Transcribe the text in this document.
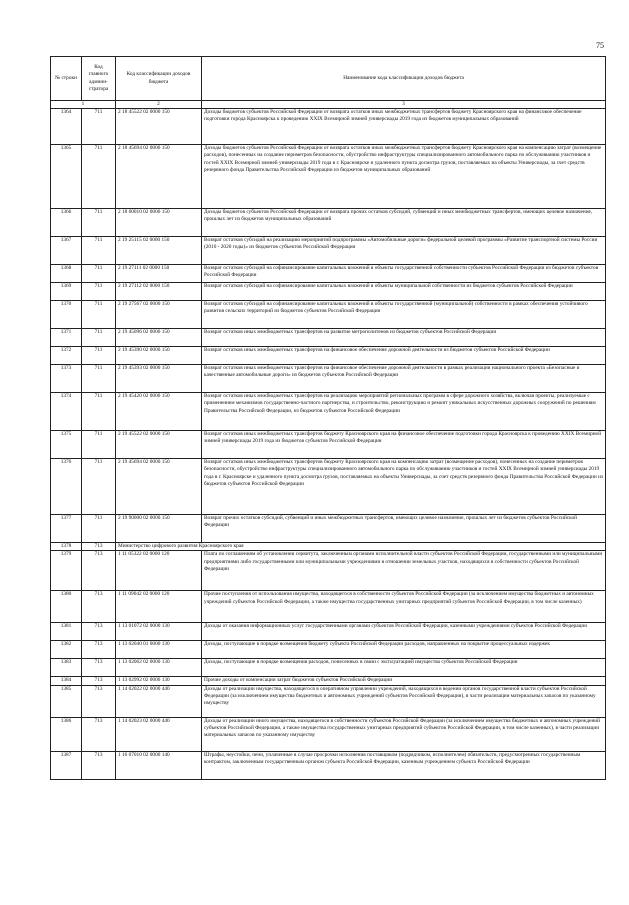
75
№ строки	Код главного админи-стратора	Код классификации доходов бюджета	Наименование кода классификации доходов бюджета
1		2	3
1364	711	2 18 45522 02 0000 150	Доходы бюджетов субъектов Российской Федерации от возврата остатков иных межбюджетных трансфертов бюджету Красноярского края на финансовое обеспечение подготовки города Красноярска к проведению XXIX Всемирной зимней универсиады 2019 года из бюджетов муниципальных образований
1365	711	2 18 45694 02 0000 150	Доходы бюджетов субъектов Российской Федерации от возврата остатков иных межбюджетных трансфертов бюджету Красноярского края на компенсацию затрат (возмещение расходов), понесенных на создание периметров безопасности, обустройство инфраструктуры специализированного автомобильного парка по обслуживанию участников и гостей XXIX Всемирной зимней универсиады 2019 года в г. Красноярске и удаленного пункта досмотра грузов, поставляемых на объекты Универсиады, за счет средств резервного фонда Правительства Российской Федерации из бюджетов муниципальных образований
1366	711	2 18 60010 02 0000 150	Доходы бюджетов субъектов Российской Федерации от возврата прочих остатков субсидий, субвенций и иных межбюджетных трансфертов, имеющих целевое назначение, прошлых лет из бюджетов муниципальных образований
1367	711	2 19 25115 02 0000 150	Возврат остатков субсидий на реализацию мероприятий подпрограммы «Автомобильные дороги» федеральной целевой программы «Развитие транспортной системы России (2010 - 2020 годы)» из бюджетов субъектов Российской Федерации
1368	711	2 19 27111 02 0000 150	Возврат остатков субсидий на софинансирование капитальных вложений в объекты государственной собственности субъектов Российской Федерации из бюджетов субъектов Российской Федерации
1369	711	2 19 27112 02 0000 150	Возврат остатков субсидий на софинансирование капитальных вложений в объекты муниципальной собственности из бюджетов субъектов Российской Федерации
1370	711	2 19 27567 02 0000 150	Возврат остатков субсидий на софинансирование капитальных вложений в объекты государственной (муниципальной) собственности в рамках обеспечения устойчивого развития сельских территорий из бюджетов субъектов Российской Федерации
1371	711	2 19 45096 02 0000 150	Возврат остатков иных межбюджетных трансфертов на развитие метрополитенов из бюджетов субъектов Российской Федерации
1372	711	2 19 45390 02 0000 150	Возврат остатков иных межбюджетных трансфертов на финансовое обеспечение дорожной деятельности из бюджетов субъектов Российской Федерации
1373	711	2 19 45393 02 0000 150	Возврат остатков иных межбюджетных трансфертов на финансовое обеспечение дорожной деятельности в рамках реализации национального проекта «Безопасные и качественные автомобильные дороги» из бюджетов субъектов Российской Федерации
1374	711	2 19 45420 02 0000 150	Возврат остатков иных межбюджетных трансфертов на реализацию мероприятий региональных программ в сфере дорожного хозяйства, включая проекты, реализуемые с применением механизмов государственно-частного партнерства, и строительство, реконструкцию и ремонт уникальных искусственных дорожных сооружений по решениям Правительства Российской Федерации, из бюджетов субъектов Российской Федерации
1375	711	2 19 45522 02 0000 150	Возврат остатков иных межбюджетных трансфертов бюджету Красноярского края на финансовое обеспечение подготовки города Красноярска к проведению XXIX Всемирной зимней универсиады 2019 года из бюджетов субъектов Российской Федерации
1376	711	2 19 45694 02 0000 150	Возврат остатков иных межбюджетных трансфертов бюджету Красноярского края на компенсацию затрат (возмещение расходов), понесенных на создание периметров безопасности, обустройство инфраструктуры специализированного автомобильного парка по обслуживанию участников и гостей XXIX Всемирной зимней универсиады 2019 года в г. Красноярске и удаленного пункта досмотра грузов, поставляемых на объекты Универсиады, за счет средств резервного фонда Правительства Российской Федерации из бюджетов субъектов Российской Федерации
1377	711	2 19 90000 02 0000 150	Возврат прочих остатков субсидий, субвенций и иных межбюджетных трансфертов, имеющих целевое назначение, прошлых лет из бюджетов субъектов Российской Федерации
1378	713	Министерство цифрового развития Красноярского края	
1379	713	1 11 05322 02 0000 120	Плата по соглашениям об установлении сервитута, заключенным органами исполнительной власти субъектов Российской Федерации, государственными или муниципальными предприятиями либо государственными или муниципальными учреждениями в отношении земельных участков, находящихся в собственности субъектов Российской Федерации
1380	713	1 11 09042 02 0000 120	Прочие поступления от использования имущества, находящегося в собственности субъектов Российской Федерации (за исключением имущества бюджетных и автономных учреждений субъектов Российской Федерации, а также имущества государственных унитарных предприятий субъектов Российской Федерации, в том числе казенных)
1381	713	1 13 01072 02 0000 130	Доходы от оказания информационных услуг государственными органами субъектов Российской Федерации, казенными учреждениями субъектов Российской Федерации
1382	713	1 13 02040 01 0000 130	Доходы, поступающие в порядке возмещения бюджету субъекта Российской Федерации расходов, направленных на покрытие процессуальных издержек
1383	713	1 13 02062 02 0000 130	Доходы, поступающие в порядке возмещения расходов, понесенных в связи с эксплуатацией имущества субъектов Российской Федерации
1384	713	1 13 02992 02 0000 130	Прочие доходы от компенсации затрат бюджетов субъектов Российской Федерации
1385	713	1 14 02022 02 0000 440	Доходы от реализации имущества, находящегося в оперативном управлении учреждений, находящихся в ведении органов государственной власти субъектов Российской Федерации (за исключением имущества бюджетных и автономных учреждений субъектов Российской Федерации), в части реализации материальных запасов по указанному имуществу
1386	713	1 14 02023 02 0000 440	Доходы от реализации иного имущества, находящегося в собственности субъектов Российской Федерации (за исключением имущества бюджетных и автономных учреждений субъектов Российской Федерации, а также имущества государственных унитарных предприятий субъектов Российской Федерации, в том числе казенных), в части реализации материальных запасов по указанному имуществу
1387	713	1 16 07010 02 0000 140	Штрафы, неустойки, пени, уплаченные в случае просрочки исполнения поставщиком (подрядчиком, исполнителем) обязательств, предусмотренных государственным контрактом, заключенным государственным органом субъекта Российской Федерации, казенным учреждением субъекта Российской Федерации
